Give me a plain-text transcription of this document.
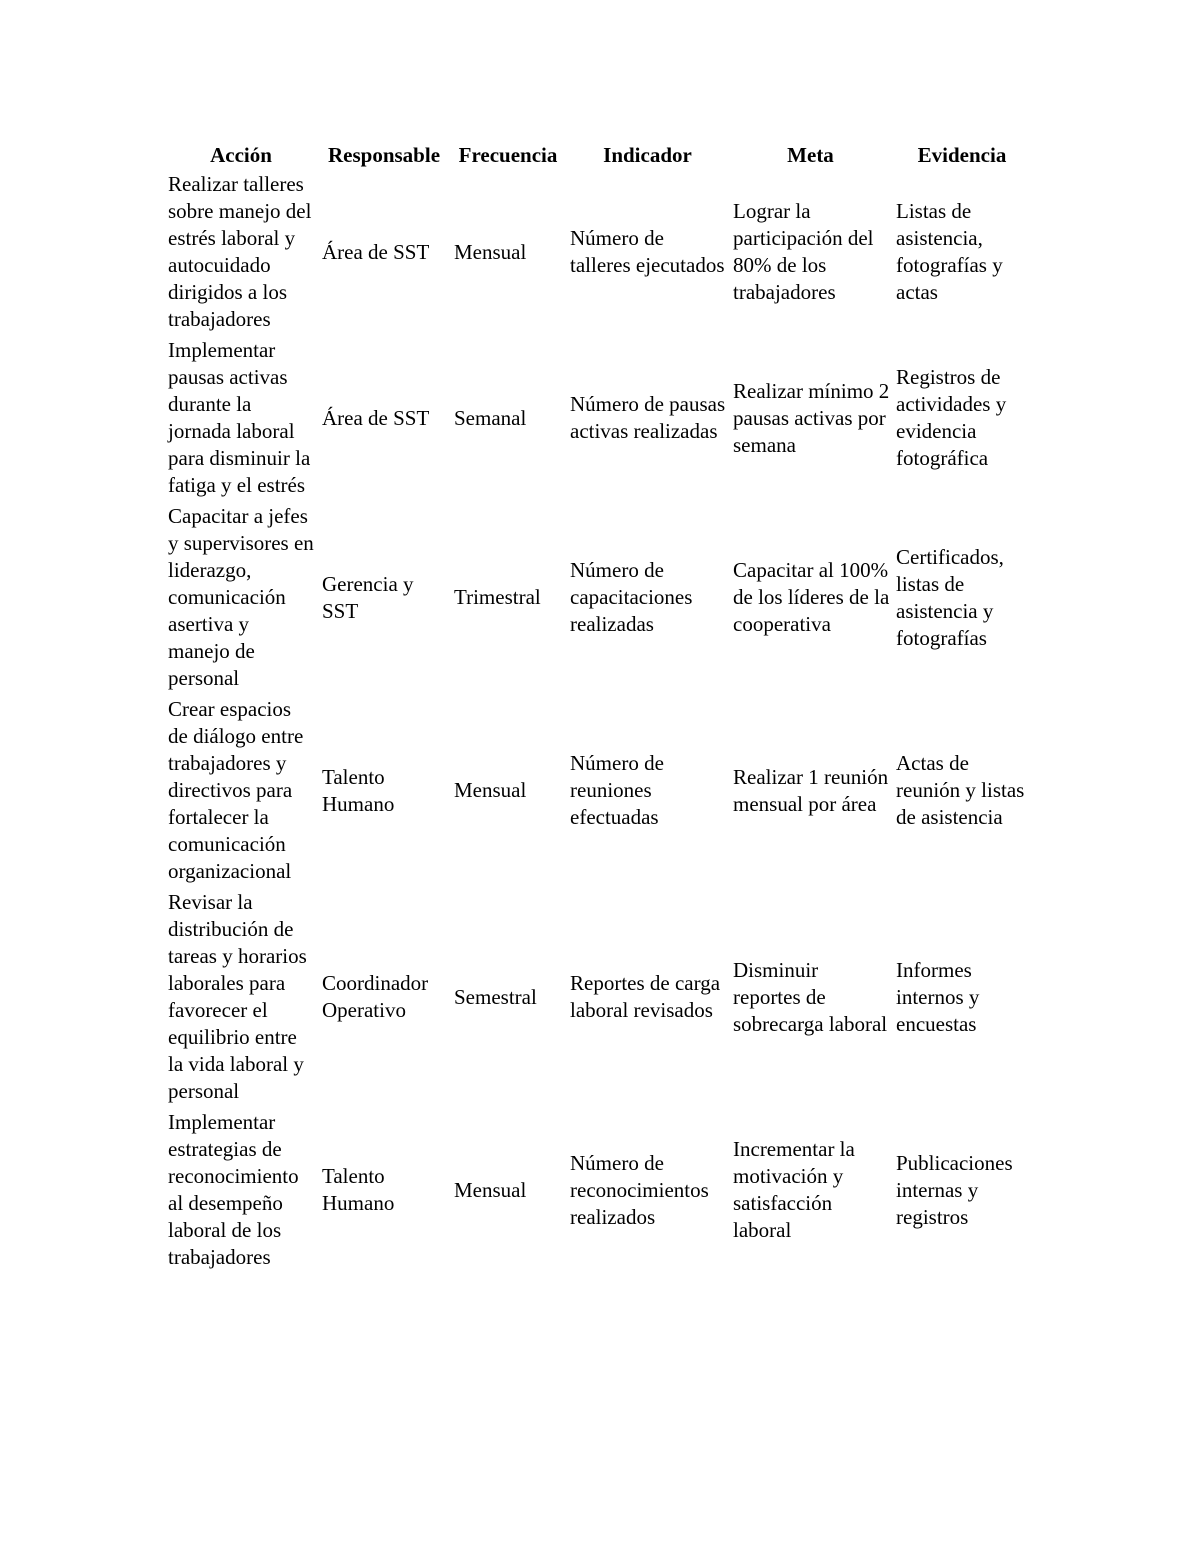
Acción	Responsable	Frecuencia	Indicador	Meta	Evidencia
Realizar talleres sobre manejo del estrés laboral y autocuidado dirigidos a los trabajadores	Área de SST	Mensual	Número de talleres ejecutados	Lograr la participación del 80% de los trabajadores	Listas de asistencia, fotografías y actas
Implementar pausas activas durante la jornada laboral para disminuir la fatiga y el estrés	Área de SST	Semanal	Número de pausas activas realizadas	Realizar mínimo 2 pausas activas por semana	Registros de actividades y evidencia fotográfica
Capacitar a jefes y supervisores en liderazgo, comunicación asertiva y manejo de personal	Gerencia y SST	Trimestral	Número de capacitaciones realizadas	Capacitar al 100% de los líderes de la cooperativa	Certificados, listas de asistencia y fotografías
Crear espacios de diálogo entre trabajadores y directivos para fortalecer la comunicación organizacional	Talento Humano	Mensual	Número de reuniones efectuadas	Realizar 1 reunión mensual por área	Actas de reunión y listas de asistencia
Revisar la distribución de tareas y horarios laborales para favorecer el equilibrio entre la vida laboral y personal	Coordinador Operativo	Semestral	Reportes de carga laboral revisados	Disminuir reportes de sobrecarga laboral	Informes internos y encuestas
Implementar estrategias de reconocimiento al desempeño laboral de los trabajadores	Talento Humano	Mensual	Número de reconocimientos realizados	Incrementar la motivación y satisfacción laboral	Publicaciones internas y registros
